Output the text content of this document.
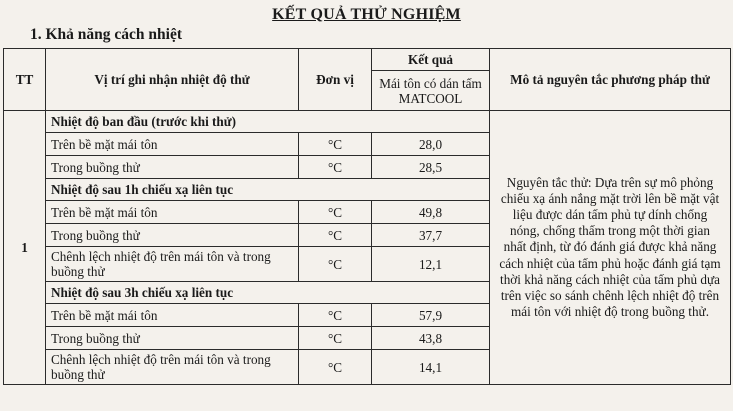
KẾT QUẢ THỬ NGHIỆM
1. Khả năng cách nhiệt
TT	Vị trí ghi nhận nhiệt độ thử	Đơn vị	Kết quả	Mô tả nguyên tắc phương pháp thử
			Mái tôn có dán tấm MATCOOL	
1	Nhiệt độ ban đầu (trước khi thử)			Nguyên tắc thử: Dựa trên sự mô phỏng chiếu xạ ánh nắng mặt trời lên bề mặt vật liệu được dán tấm phủ tự dính chống nóng, chống thấm trong một thời gian nhất định, từ đó đánh giá được khả năng cách nhiệt của tấm phủ hoặc đánh giá tạm thời khả năng cách nhiệt của tấm phủ dựa trên việc so sánh chênh lệch nhiệt độ trên mái tôn với nhiệt độ trong buồng thử.
	Trên bề mặt mái tôn	°C	28,0	
	Trong buồng thử	°C	28,5	
	Nhiệt độ sau 1h chiếu xạ liên tục			
	Trên bề mặt mái tôn	°C	49,8	
	Trong buồng thử	°C	37,7	
	Chênh lệch nhiệt độ trên mái tôn và trong buồng thử	°C	12,1	
	Nhiệt độ sau 3h chiếu xạ liên tục			
	Trên bề mặt mái tôn	°C	57,9	
	Trong buồng thử	°C	43,8	
	Chênh lệch nhiệt độ trên mái tôn và trong buồng thử	°C	14,1	
